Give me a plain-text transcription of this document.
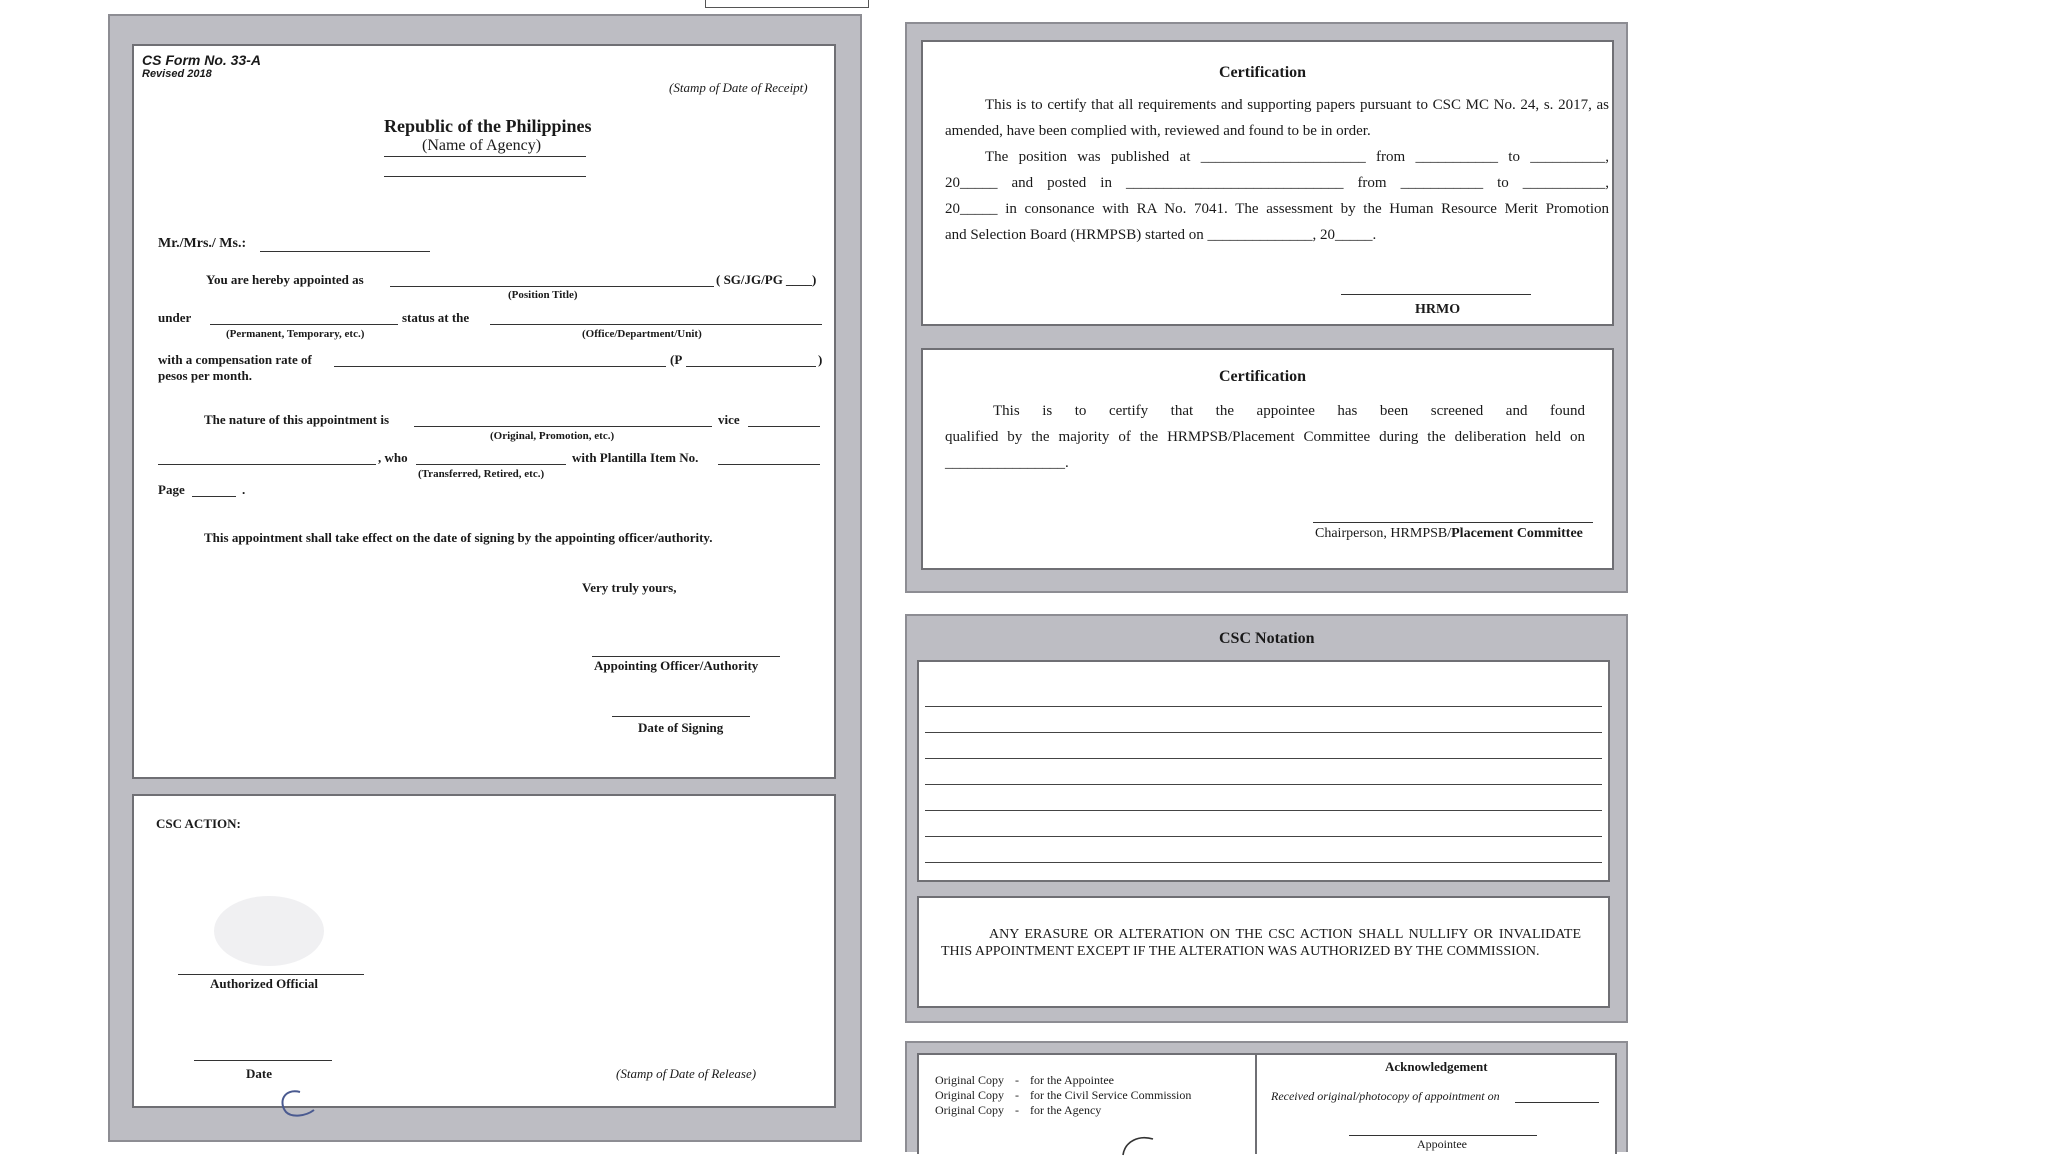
CS Form No. 33-A
Revised 2018
(Stamp of Date of Receipt)
Republic of the Philippines
(Name of Agency)
Mr./Mrs./ Ms.:
You are hereby appointed as	( SG/JG/PG ____)
(Position Title)
under	status at the
(Permanent, Temporary, etc.)	(Office/Department/Unit)
with a compensation rate of	(P	)
pesos per month.
The nature of this appointment is	vice
(Original, Promotion, etc.)
, who	with Plantilla Item No.
(Transferred, Retired, etc.)
Page	.
This appointment shall take effect on the date of signing by the appointing officer/authority.
Very truly yours,
Appointing Officer/Authority
Date of Signing
CSC ACTION:
Authorized Official
Date	(Stamp of Date of Release)
Certification
This is to certify that all requirements and supporting papers pursuant to CSC MC No. 24, s. 2017, as
amended, have been complied with, reviewed and found to be in order.
The position was published at ______________________ from ___________ to __________,
20_____ and posted in _____________________________ from ___________ to ___________,
20_____ in consonance with RA No. 7041. The assessment by the Human Resource Merit Promotion
and Selection Board (HRMPSB) started on ______________, 20_____.
HRMO
Certification
This is to certify that the appointee has been screened and found
qualified by the majority of the HRMPSB/Placement Committee during the deliberation held on
________________.
Chairperson, HRMPSB/Placement Committee
CSC Notation
ANY ERASURE OR ALTERATION ON THE CSC ACTION SHALL NULLIFY OR INVALIDATE THIS APPOINTMENT EXCEPT IF THE ALTERATION WAS AUTHORIZED BY THE COMMISSION.
Original Copy - for the Appointee
Original Copy - for the Civil Service Commission
Original Copy - for the Agency
Acknowledgement
Received original/photocopy of appointment on
Appointee
